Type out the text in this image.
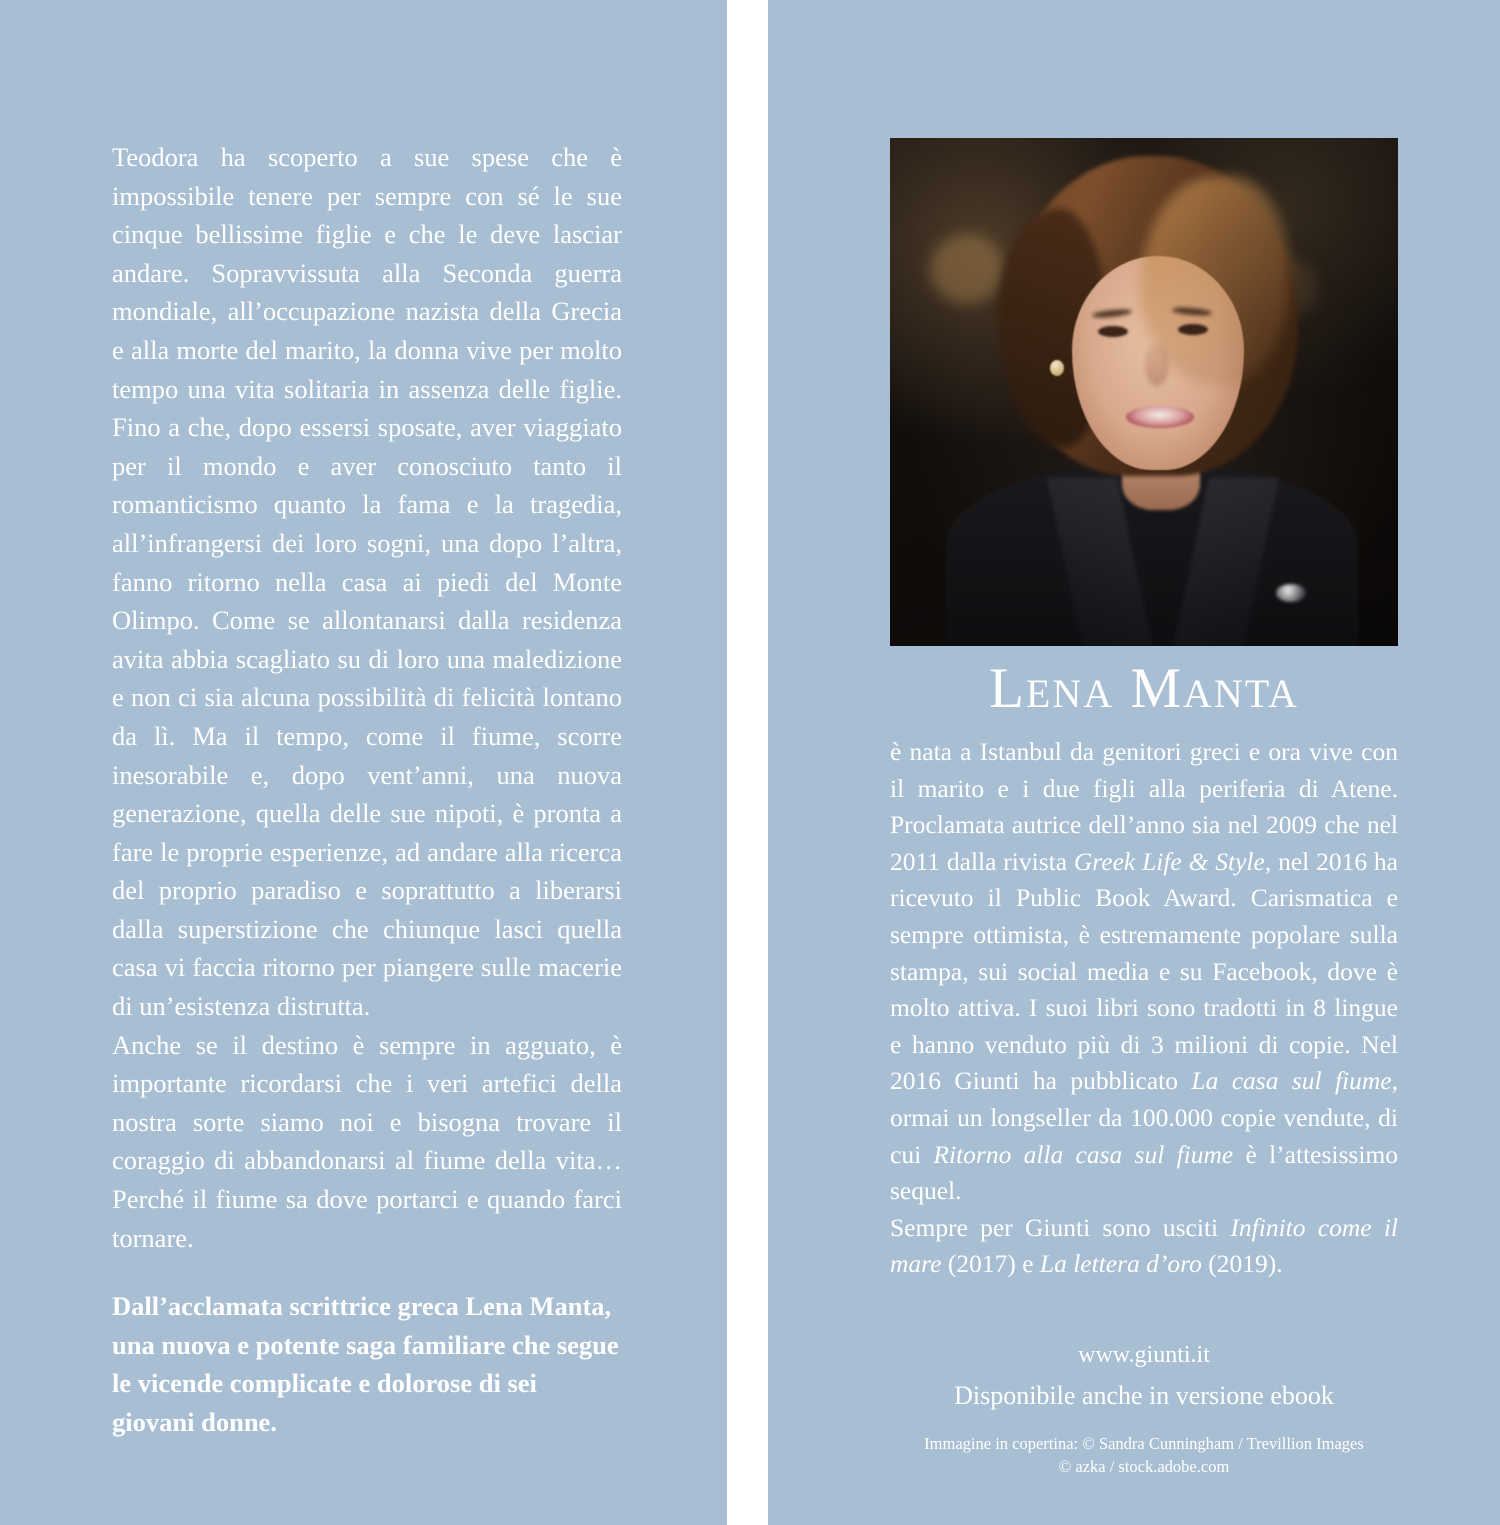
Teodora ha scoperto a sue spese che è impossibile tenere per sempre con sé le sue cinque bellissime figlie e che le deve lasciar andare. Sopravvissuta alla Seconda guerra mondiale, all’occupazione nazista della Grecia e alla morte del marito, la donna vive per molto tempo una vita solitaria in assenza delle figlie. Fino a che, dopo essersi sposate, aver viaggiato per il mondo e aver conosciuto tanto il romanticismo quanto la fama e la tragedia, all’infrangersi dei loro sogni, una dopo l’altra, fanno ritorno nella casa ai piedi del Monte Olimpo. Come se allontanarsi dalla residenza avita abbia scagliato su di loro una maledizione e non ci sia alcuna possibilità di felicità lontano da lì. Ma il tempo, come il fiume, scorre inesorabile e, dopo vent’anni, una nuova generazione, quella delle sue nipoti, è pronta a fare le proprie esperienze, ad andare alla ricerca del proprio paradiso e soprattutto a liberarsi dalla superstizione che chiunque lasci quella casa vi faccia ritorno per piangere sulle macerie di un’esistenza distrutta.

Anche se il destino è sempre in agguato, è importante ricordarsi che i veri artefici della nostra sorte siamo noi e bisogna trovare il coraggio di abbandonarsi al fiume della vita… Perché il fiume sa dove portarci e quando farci tornare.

Dall’acclamata scrittrice greca Lena Manta, una nuova e potente saga familiare che segue le vicende complicate e dolorose di sei giovani donne.

Lena Manta

è nata a Istanbul da genitori greci e ora vive con il marito e i due figli alla periferia di Atene. Proclamata autrice dell’anno sia nel 2009 che nel 2011 dalla rivista Greek Life & Style, nel 2016 ha ricevuto il Public Book Award. Carismatica e sempre ottimista, è estremamente popolare sulla stampa, sui social media e su Facebook, dove è molto attiva. I suoi libri sono tradotti in 8 lingue e hanno venduto più di 3 milioni di copie. Nel 2016 Giunti ha pubblicato La casa sul fiume, ormai un longseller da 100.000 copie vendute, di cui Ritorno alla casa sul fiume è l’attesissimo sequel.

Sempre per Giunti sono usciti Infinito come il mare (2017) e La lettera d’oro (2019).

www.giunti.it
Disponibile anche in versione ebook
Immagine in copertina: © Sandra Cunningham / Trevillion Images
© azka / stock.adobe.com
